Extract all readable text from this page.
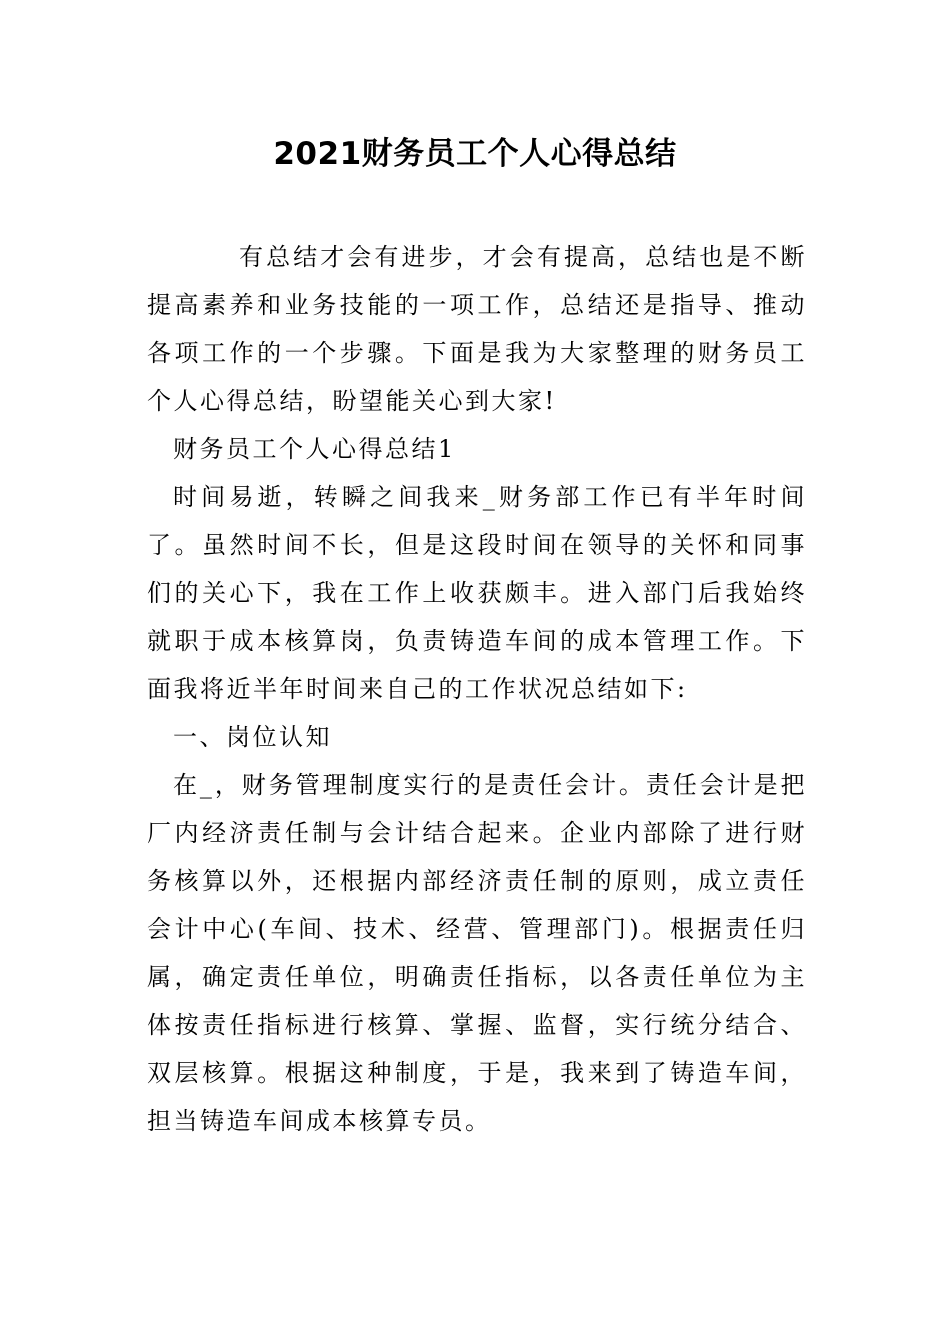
2021财务员工个人心得总结

有总结才会有进步，才会有提高，总结也是不断提高素养和业务技能的一项工作，总结还是指导、推动各项工作的一个步骤。下面是我为大家整理的财务员工个人心得总结，盼望能关心到大家!

财务员工个人心得总结1

时间易逝，转瞬之间我来_财务部工作已有半年时间了。虽然时间不长，但是这段时间在领导的关怀和同事们的关心下，我在工作上收获颇丰。进入部门后我始终就职于成本核算岗，负责铸造车间的成本管理工作。下面我将近半年时间来自己的工作状况总结如下:

一、岗位认知

在_，财务管理制度实行的是责任会计。责任会计是把厂内经济责任制与会计结合起来。企业内部除了进行财务核算以外，还根据内部经济责任制的原则，成立责任会计中心(车间、技术、经营、管理部门)。根据责任归属，确定责任单位，明确责任指标，以各责任单位为主体按责任指标进行核算、掌握、监督，实行统分结合、双层核算。根据这种制度，于是，我来到了铸造车间，担当铸造车间成本核算专员。
